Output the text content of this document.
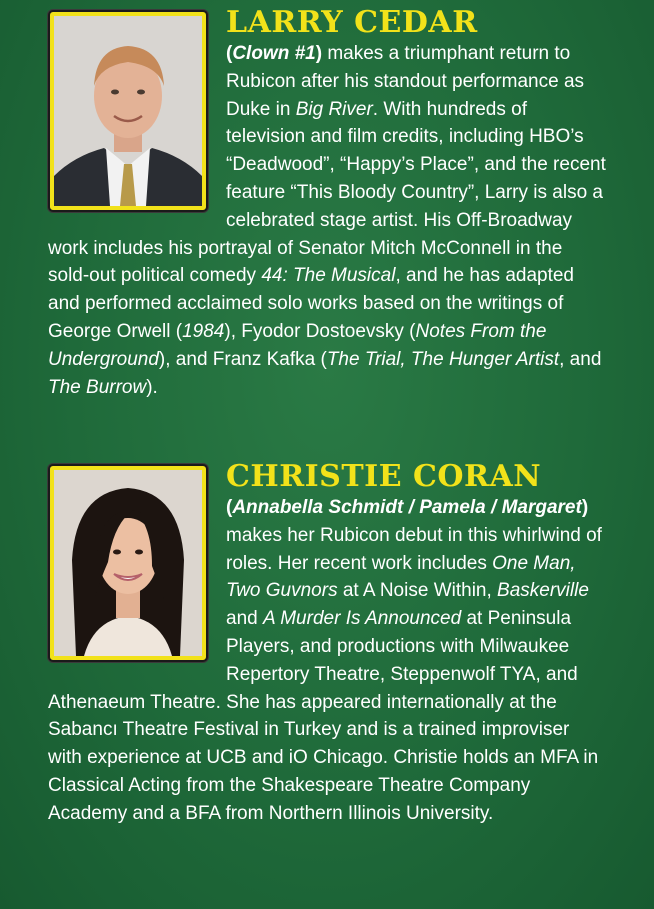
LARRY CEDAR

(Clown #1) makes a triumphant return to Rubicon after his standout performance as Duke in Big River. With hundreds of television and film credits, including HBO’s “Deadwood”, “Happy’s Place”, and the recent feature “This Bloody Country”, Larry is also a celebrated stage artist. His Off-Broadway work includes his portrayal of Senator Mitch McConnell in the sold-out political comedy 44: The Musical, and he has adapted and performed acclaimed solo works based on the writings of George Orwell (1984), Fyodor Dostoevsky (Notes From the Underground), and Franz Kafka (The Trial, The Hunger Artist, and The Burrow).

CHRISTIE CORAN

(Annabella Schmidt / Pamela / Margaret) makes her Rubicon debut in this whirlwind of roles. Her recent work includes One Man, Two Guvnors at A Noise Within, Baskerville and A Murder Is Announced at Peninsula Players, and productions with Milwaukee Repertory Theatre, Steppenwolf TYA, and Athenaeum Theatre. She has appeared internationally at the Sabancı Theatre Festival in Turkey and is a trained improviser with experience at UCB and iO Chicago. Christie holds an MFA in Classical Acting from the Shakespeare Theatre Company Academy and a BFA from Northern Illinois University.
